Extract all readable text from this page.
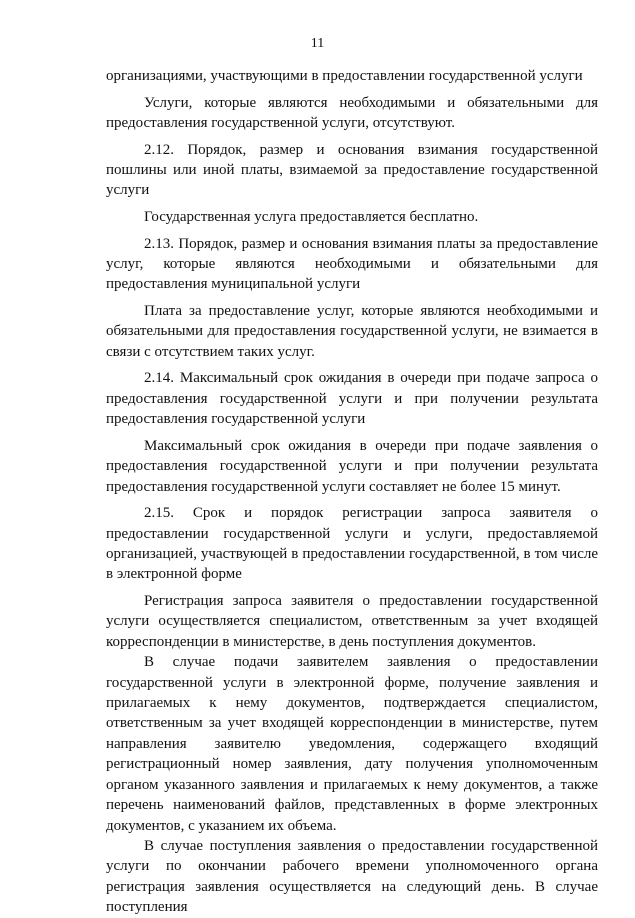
11

организациями, участвующими в предоставлении государственной услуги

Услуги, которые являются необходимыми и обязательными для предоставления государственной услуги, отсутствуют.

2.12. Порядок, размер и основания взимания государственной пошлины или иной платы, взимаемой за предоставление государственной услуги

Государственная услуга предоставляется бесплатно.

2.13. Порядок, размер и основания взимания платы за предоставление услуг, которые являются необходимыми и обязательными для предоставления муниципальной услуги

Плата за предоставление услуг, которые являются необходимыми и обязательными для предоставления государственной услуги, не взимается в связи с отсутствием таких услуг.

2.14. Максимальный срок ожидания в очереди при подаче запроса о предоставления государственной услуги и при получении результата предоставления государственной услуги

Максимальный срок ожидания в очереди при подаче заявления о предоставления государственной услуги и при получении результата предоставления государственной услуги составляет не более 15 минут.

2.15. Срок и порядок регистрации запроса заявителя о предоставлении государственной услуги и услуги, предоставляемой организацией, участвующей в предоставлении государственной, в том числе в электронной форме

Регистрация запроса заявителя о предоставлении государственной услуги осуществляется специалистом, ответственным за учет входящей корреспонденции в министерстве, в день поступления документов.

В случае подачи заявителем заявления о предоставлении государственной услуги в электронной форме, получение заявления и прилагаемых к нему документов, подтверждается специалистом, ответственным за учет входящей корреспонденции в министерстве, путем направления заявителю уведомления, содержащего входящий регистрационный номер заявления, дату получения уполномоченным органом указанного заявления и прилагаемых к нему документов, а также перечень наименований файлов, представленных в форме электронных документов, с указанием их объема.

В случае поступления заявления о предоставлении государственной услуги по окончании рабочего времени уполномоченного органа регистрация заявления осуществляется на следующий день. В случае поступления
